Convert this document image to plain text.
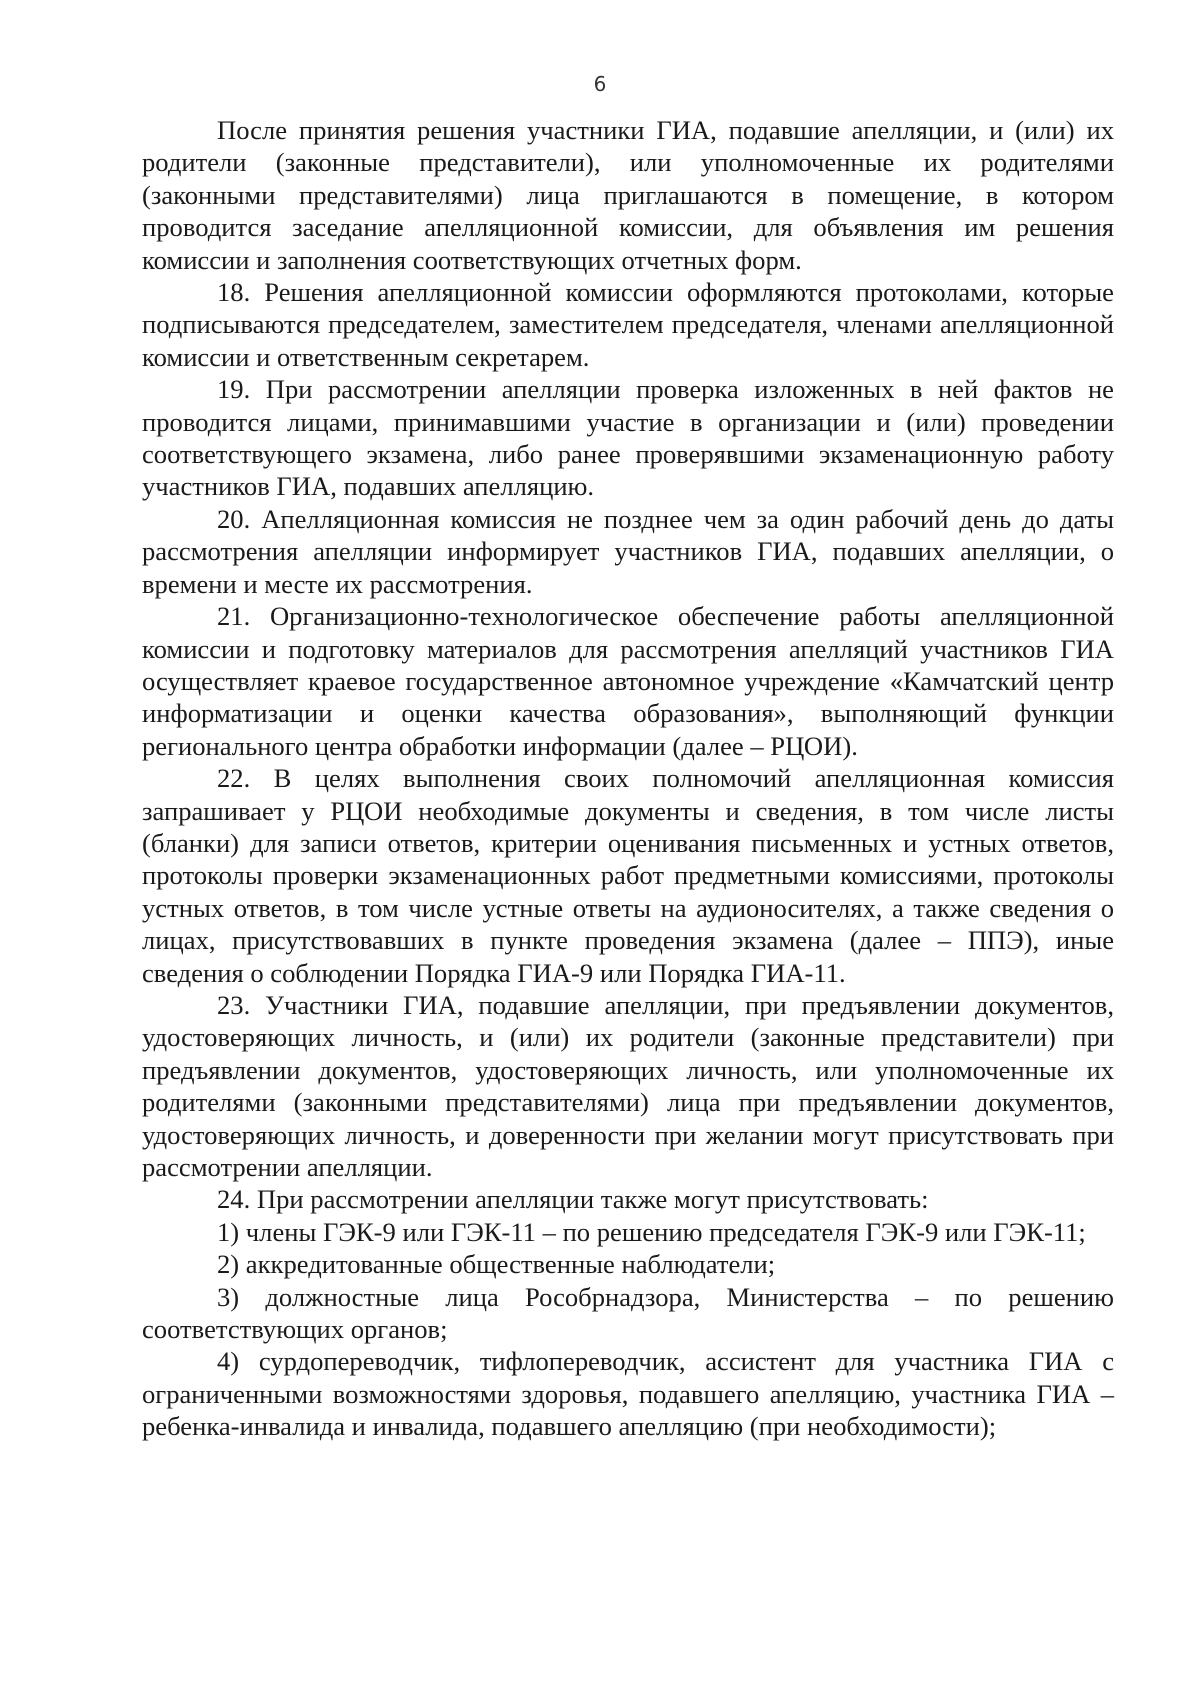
6

После принятия решения участники ГИА, подавшие апелляции, и (или) их родители (законные представители), или уполномоченные их родителями (законными представителями) лица приглашаются в помещение, в котором проводится заседание апелляционной комиссии, для объявления им решения комиссии и заполнения соответствующих отчетных форм.

18. Решения апелляционной комиссии оформляются протоколами, которые подписываются председателем, заместителем председателя, членами апелляционной комиссии и ответственным секретарем.

19. При рассмотрении апелляции проверка изложенных в ней фактов не проводится лицами, принимавшими участие в организации и (или) проведении соответствующего экзамена, либо ранее проверявшими экзаменационную работу участников ГИА, подавших апелляцию.

20. Апелляционная комиссия не позднее чем за один рабочий день до даты рассмотрения апелляции информирует участников ГИА, подавших апелляции, о времени и месте их рассмотрения.

21. Организационно-технологическое обеспечение работы апелляционной комиссии и подготовку материалов для рассмотрения апелляций участников ГИА осуществляет краевое государственное автономное учреждение «Камчатский центр информатизации и оценки качества образования», выполняющий функции регионального центра обработки информации (далее – РЦОИ).

22. В целях выполнения своих полномочий апелляционная комиссия запрашивает у РЦОИ необходимые документы и сведения, в том числе листы (бланки) для записи ответов, критерии оценивания письменных и устных ответов, протоколы проверки экзаменационных работ предметными комиссиями, протоколы устных ответов, в том числе устные ответы на аудионосителях, а также сведения о лицах, присутствовавших в пункте проведения экзамена (далее – ППЭ), иные сведения о соблюдении Порядка ГИА-9 или Порядка ГИА-11.

23. Участники ГИА, подавшие апелляции, при предъявлении документов, удостоверяющих личность, и (или) их родители (законные представители) при предъявлении документов, удостоверяющих личность, или уполномоченные их родителями (законными представителями) лица при предъявлении документов, удостоверяющих личность, и доверенности при желании могут присутствовать при рассмотрении апелляции.

24. При рассмотрении апелляции также могут присутствовать:

1) члены ГЭК-9 или ГЭК-11 – по решению председателя ГЭК-9 или ГЭК-11;

2) аккредитованные общественные наблюдатели;

3) должностные лица Рособрнадзора, Министерства – по решению соответствующих органов;

4) сурдопереводчик, тифлопереводчик, ассистент для участника ГИА с ограниченными возможностями здоровья, подавшего апелляцию, участника ГИА – ребенка-инвалида и инвалида, подавшего апелляцию (при необходимости);
